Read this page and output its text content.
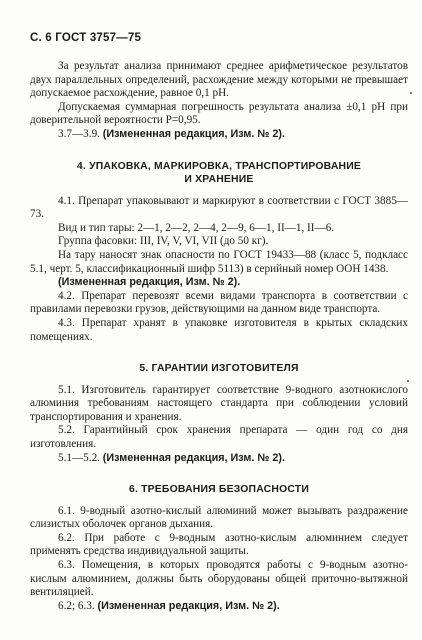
С. 6 ГОСТ 3757—75

За результат анализа принимают среднее арифметическое результатов двух параллельных определений, расхождение между которыми не превышает допускаемое расхождение, равное 0,1 pH.

Допускаемая суммарная погрешность результата анализа ±0,1 pH при доверительной вероятности P=0,95.

3.7—3.9. (Измененная редакция, Изм. № 2).

4. УПАКОВКА, МАРКИРОВКА, ТРАНСПОРТИРОВАНИЕ

И ХРАНЕНИЕ

4.1. Препарат упаковывают и маркируют в соответствии с ГОСТ 3885—73.

Вид и тип тары: 2—1, 2—2, 2—4, 2—9, 6—1, II—1, II—6.

Группа фасовки: III, IV, V, VI, VII (до 50 кг).

На тару наносят знак опасности по ГОСТ 19433—88 (класс 5, подкласс 5.1, черт. 5, классификационный шифр 5113) в серийный номер ООН 1438.

(Измененная редакция, Изм. № 2).

4.2. Препарат перевозят всеми видами транспорта в соответствии с правилами перевозки грузов, действующими на данном виде транспорта.

4.3. Препарат хранят в упаковке изготовителя в крытых складских помещениях.

5. ГАРАНТИИ ИЗГОТОВИТЕЛЯ

5.1. Изготовитель гарантирует соответствие 9-водного азотнокислого алюминия требованиям настоящего стандарта при соблюдении условий транспортирования и хранения.

5.2. Гарантийный срок хранения препарата — один год со дня изготовления.

5.1—5.2. (Измененная редакция, Изм. № 2).

6. ТРЕБОВАНИЯ БЕЗОПАСНОСТИ

6.1. 9-водный азотно-кислый алюминий может вызывать раздражение слизистых оболочек органов дыхания.

6.2. При работе с 9-водным азотно-кислым алюминием следует применять средства индивидуальной защиты.

6.3. Помещения, в которых проводятся работы с 9-водным азотно-кислым алюминием, должны быть оборудованы общей приточно-вытяжной вентиляцией.

6.2; 6.3. (Измененная редакция, Изм. № 2).
